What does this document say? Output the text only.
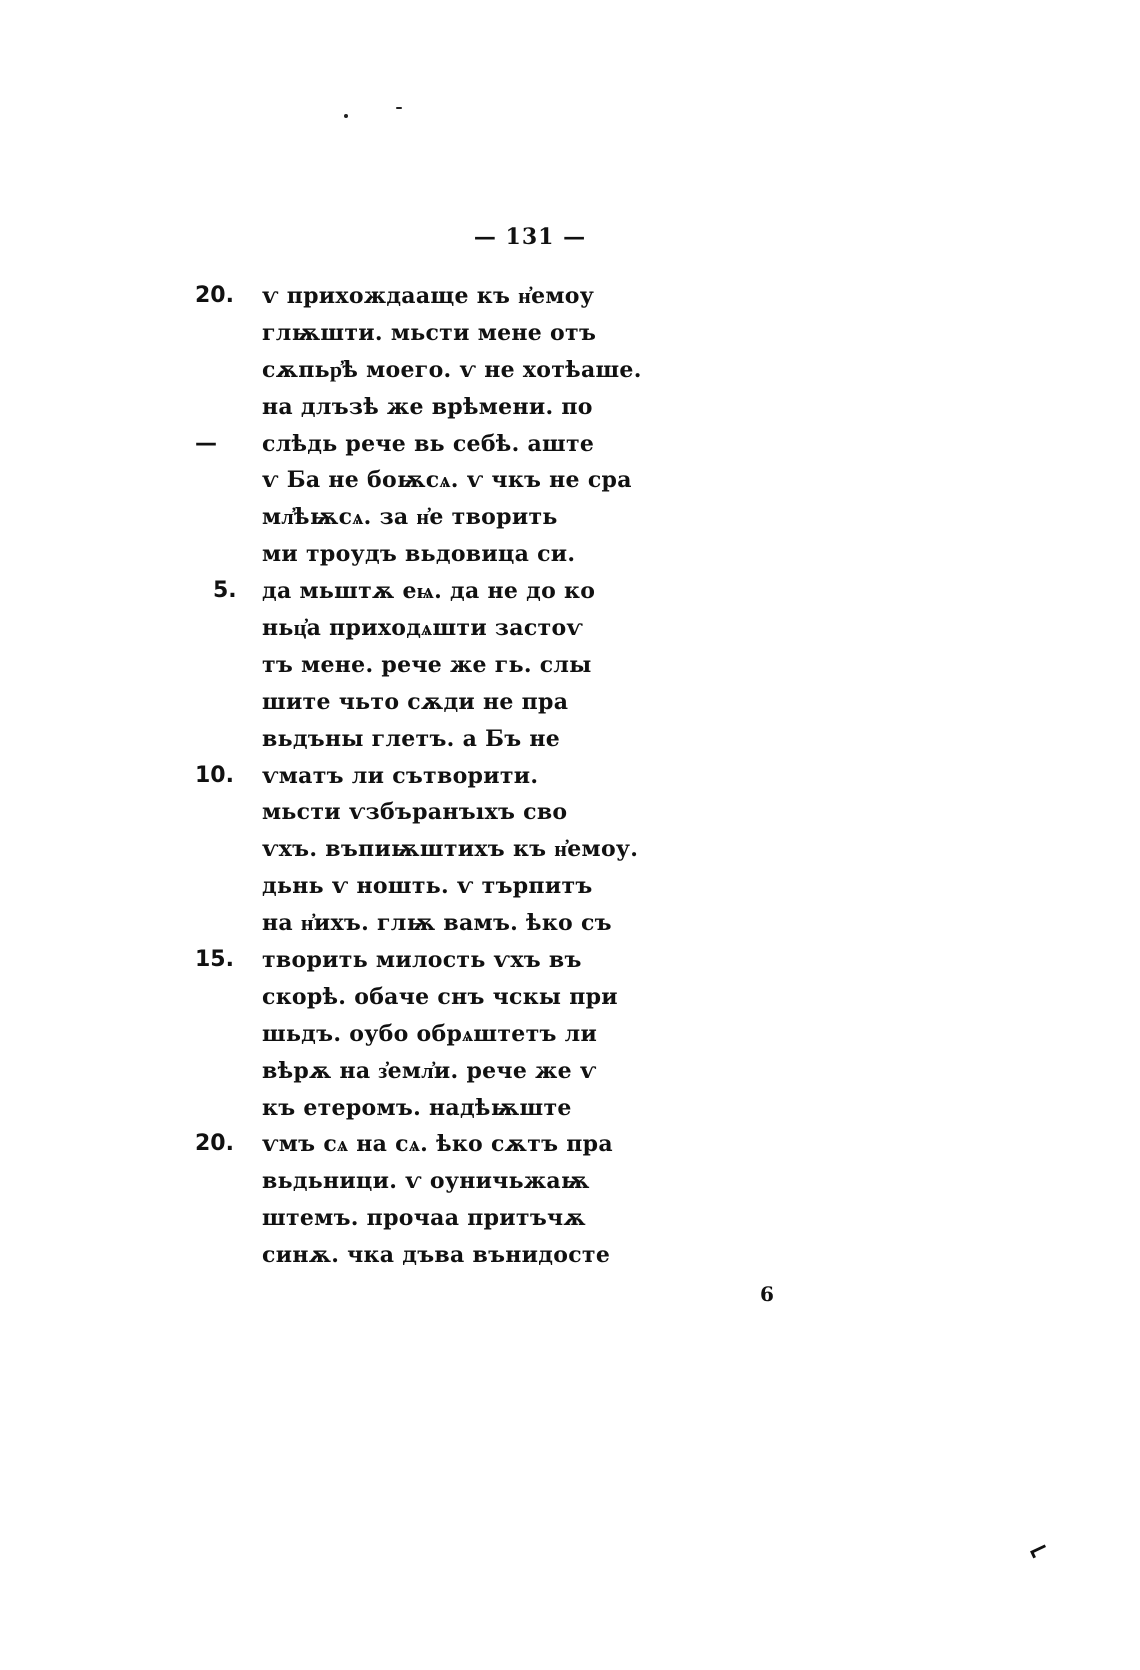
— 131 —
20.	ѵ прихождааще къ н҆емоу
глѭшти. мьсти мене отъ
сѫпьр҆ѣ моего. ѵ не хотѣаше.
на длъзѣ же врѣмени. по
—	слѣдь рече вь себѣ. аште
ѵ Ба не боѭсѧ. ѵ чкъ не сра
мл҆ѣѭсѧ. за н҆е творить
ми троудъ вьдовица си.
5.	да мьштѫ еѩ. да не до ко
ньц҆а приходѧшти застоѵ
тъ мене. рече же гь. слы
шите чьто сѫди не пра
вьдъны глетъ. а Бъ не
10.	ѵматъ ли сътворити.
мьсти ѵзбъранъıхъ сво
ѵхъ. въпиѭштихъ къ н҆емоу.
дьнь ѵ ношть. ѵ търпитъ
на н҆ихъ. глѭ вамъ. ѣко съ
15.	творить милость ѵхъ въ
скорѣ. обаче снъ чскы при
шьдъ. оубо обрѧштетъ ли
вѣрѫ на з҆емл҆и. рече же ѵ
къ етеромъ. надѣѭште
20.	ѵмъ сѧ на сѧ. ѣко сѫтъ пра
вьдьници. ѵ оуничьжаѭ
штемъ. прочаа притъчѫ
синѫ. чка дъва вънидосте
6
⌐
